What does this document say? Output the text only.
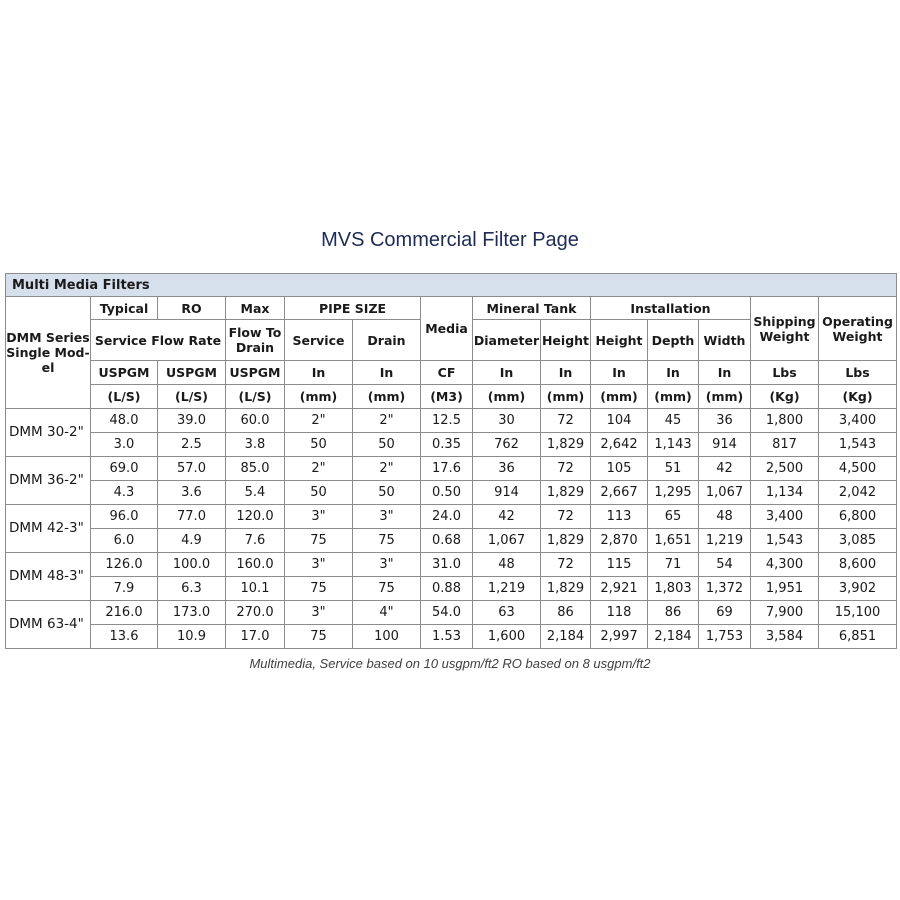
MVS Commercial Filter Page
Multi Media Filters													
DMM Series Single Mod-el	Typical	RO	Max	PIPE SIZE		Media	Mineral Tank		Installation			Shipping Weight	Operating Weight
	Service Flow Rate		Flow To Drain	Service	Drain		Diameter	Height	Height	Depth	Width		
	USPGM	USPGM	USPGM	In	In	CF	In	In	In	In	In	Lbs	Lbs
	(L/S)	(L/S)	(L/S)	(mm)	(mm)	(M3)	(mm)	(mm)	(mm)	(mm)	(mm)	(Kg)	(Kg)
DMM 30-2"	48.0	39.0	60.0	2"	2"	12.5	30	72	104	45	36	1,800	3,400
	3.0	2.5	3.8	50	50	0.35	762	1,829	2,642	1,143	914	817	1,543
DMM 36-2"	69.0	57.0	85.0	2"	2"	17.6	36	72	105	51	42	2,500	4,500
	4.3	3.6	5.4	50	50	0.50	914	1,829	2,667	1,295	1,067	1,134	2,042
DMM 42-3"	96.0	77.0	120.0	3"	3"	24.0	42	72	113	65	48	3,400	6,800
	6.0	4.9	7.6	75	75	0.68	1,067	1,829	2,870	1,651	1,219	1,543	3,085
DMM 48-3"	126.0	100.0	160.0	3"	3"	31.0	48	72	115	71	54	4,300	8,600
	7.9	6.3	10.1	75	75	0.88	1,219	1,829	2,921	1,803	1,372	1,951	3,902
DMM 63-4"	216.0	173.0	270.0	3"	4"	54.0	63	86	118	86	69	7,900	15,100
	13.6	10.9	17.0	75	100	1.53	1,600	2,184	2,997	2,184	1,753	3,584	6,851
Multimedia, Service based on 10 usgpm/ft2 RO based on 8 usgpm/ft2
